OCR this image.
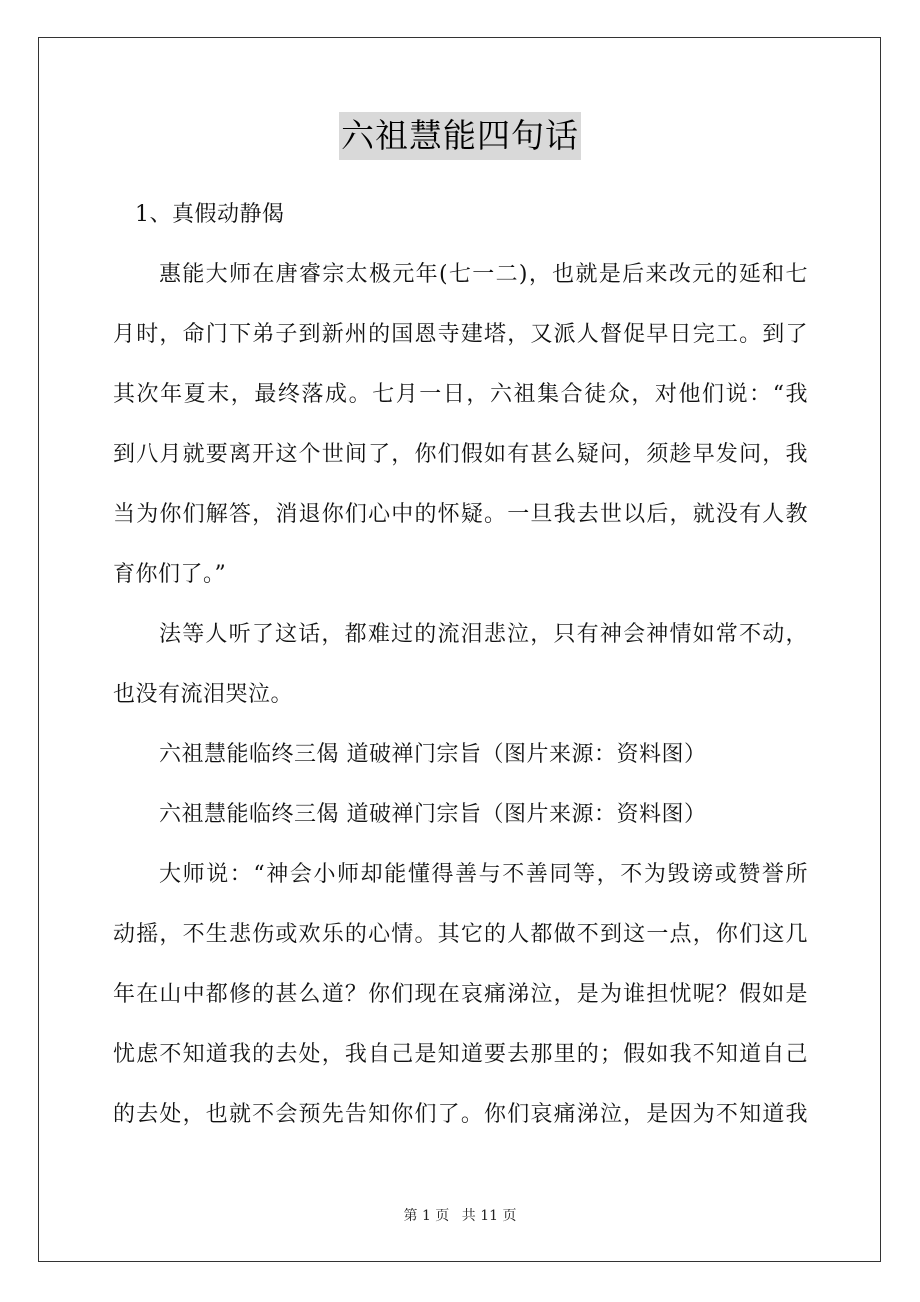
六祖慧能四句话
1、真假动静偈
惠能大师在唐睿宗太极元年(七一二)，也就是后来改元的延和七
月时，命门下弟子到新州的国恩寺建塔，又派人督促早日完工。到了
其次年夏末，最终落成。七月一日，六祖集合徒众，对他们说：“我
到八月就要离开这个世间了，你们假如有甚么疑问，须趁早发问，我
当为你们解答，消退你们心中的怀疑。一旦我去世以后，就没有人教
育你们了。”
法等人听了这话，都难过的流泪悲泣，只有神会神情如常不动，
也没有流泪哭泣。
六祖慧能临终三偈 道破禅门宗旨（图片来源：资料图）
六祖慧能临终三偈 道破禅门宗旨（图片来源：资料图）
大师说：“神会小师却能懂得善与不善同等，不为毁谤或赞誉所
动摇，不生悲伤或欢乐的心情。其它的人都做不到这一点，你们这几
年在山中都修的甚么道？你们现在哀痛涕泣，是为谁担忧呢？假如是
忧虑不知道我的去处，我自己是知道要去那里的；假如我不知道自己
的去处，也就不会预先告知你们了。你们哀痛涕泣，是因为不知道我
第 1 页 共 11 页
